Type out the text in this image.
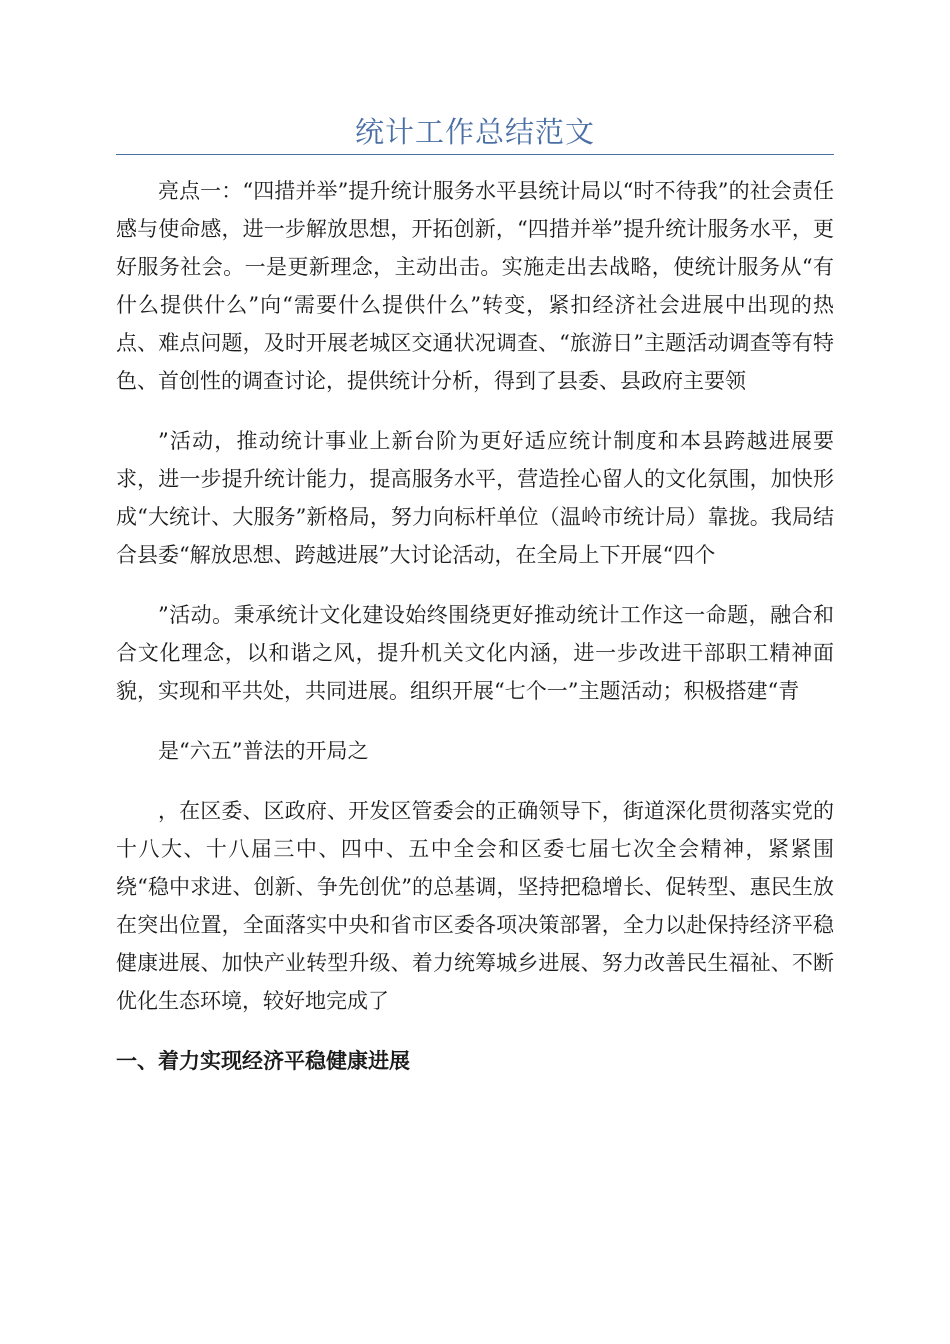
统计工作总结范文

亮点一：“四措并举”提升统计服务水平县统计局以“时不待我”的社会责任感与使命感，进一步解放思想，开拓创新，“四措并举”提升统计服务水平，更好服务社会。一是更新理念，主动出击。实施走出去战略，使统计服务从“有什么提供什么”向“需要什么提供什么”转变，紧扣经济社会进展中出现的热点、难点问题，及时开展老城区交通状况调查、“旅游日”主题活动调查等有特色、首创性的调查讨论，提供统计分析，得到了县委、县政府主要领

”活动，推动统计事业上新台阶为更好适应统计制度和本县跨越进展要求，进一步提升统计能力，提高服务水平，营造拴心留人的文化氛围，加快形成“大统计、大服务”新格局，努力向标杆单位（温岭市统计局）靠拢。我局结合县委“解放思想、跨越进展”大讨论活动，在全局上下开展“四个

”活动。秉承统计文化建设始终围绕更好推动统计工作这一命题，融合和合文化理念，以和谐之风，提升机关文化内涵，进一步改进干部职工精神面貌，实现和平共处，共同进展。组织开展“七个一”主题活动；积极搭建“青

是“六五”普法的开局之

，在区委、区政府、开发区管委会的正确领导下，街道深化贯彻落实党的十八大、十八届三中、四中、五中全会和区委七届七次全会精神，紧紧围绕“稳中求进、创新、争先创优”的总基调，坚持把稳增长、促转型、惠民生放在突出位置，全面落实中央和省市区委各项决策部署，全力以赴保持经济平稳健康进展、加快产业转型升级、着力统筹城乡进展、努力改善民生福祉、不断优化生态环境，较好地完成了

一、着力实现经济平稳健康进展
